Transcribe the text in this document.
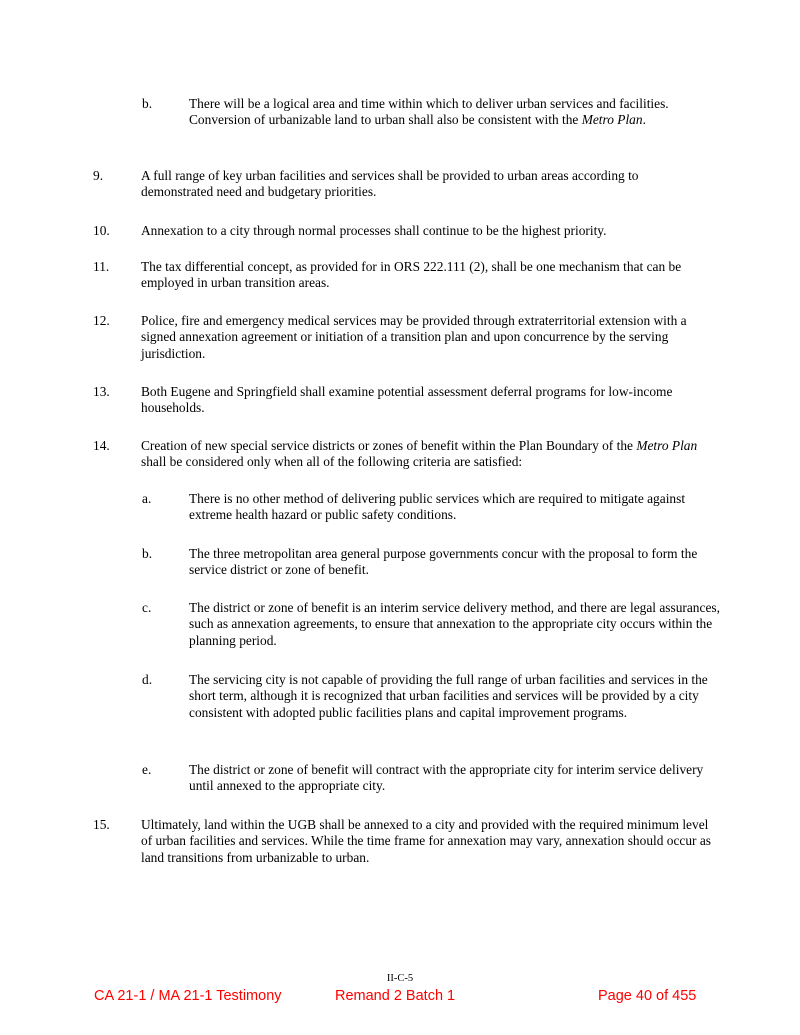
b.	There will be a logical area and time within which to deliver urban services and facilities. Conversion of urbanizable land to urban shall also be consistent with the Metro Plan.
9.	A full range of key urban facilities and services shall be provided to urban areas according to demonstrated need and budgetary priorities.
10. Annexation to a city through normal processes shall continue to be the highest priority.
11. The tax differential concept, as provided for in ORS 222.111 (2), shall be one mechanism that can be employed in urban transition areas.
12. Police, fire and emergency medical services may be provided through extraterritorial extension with a signed annexation agreement or initiation of a transition plan and upon concurrence by the serving jurisdiction.
13. Both Eugene and Springfield shall examine potential assessment deferral programs for low-income households.
14. Creation of new special service districts or zones of benefit within the Plan Boundary of the Metro Plan shall be considered only when all of the following criteria are satisfied:
a.	There is no other method of delivering public services which are required to mitigate against extreme health hazard or public safety conditions.
b.	The three metropolitan area general purpose governments concur with the proposal to form the service district or zone of benefit.
c.	The district or zone of benefit is an interim service delivery method, and there are legal assurances, such as annexation agreements, to ensure that annexation to the appropriate city occurs within the planning period.
d.	The servicing city is not capable of providing the full range of urban facilities and services in the short term, although it is recognized that urban facilities and services will be provided by a city consistent with adopted public facilities plans and capital improvement programs.
e.	The district or zone of benefit will contract with the appropriate city for interim service delivery until annexed to the appropriate city.
15. Ultimately, land within the UGB shall be annexed to a city and provided with the required minimum level of urban facilities and services. While the time frame for annexation may vary, annexation should occur as land transitions from urbanizable to urban.
II-C-5
CA 21-1 / MA 21-1 Testimony	Remand 2 Batch 1	Page 40 of 455
